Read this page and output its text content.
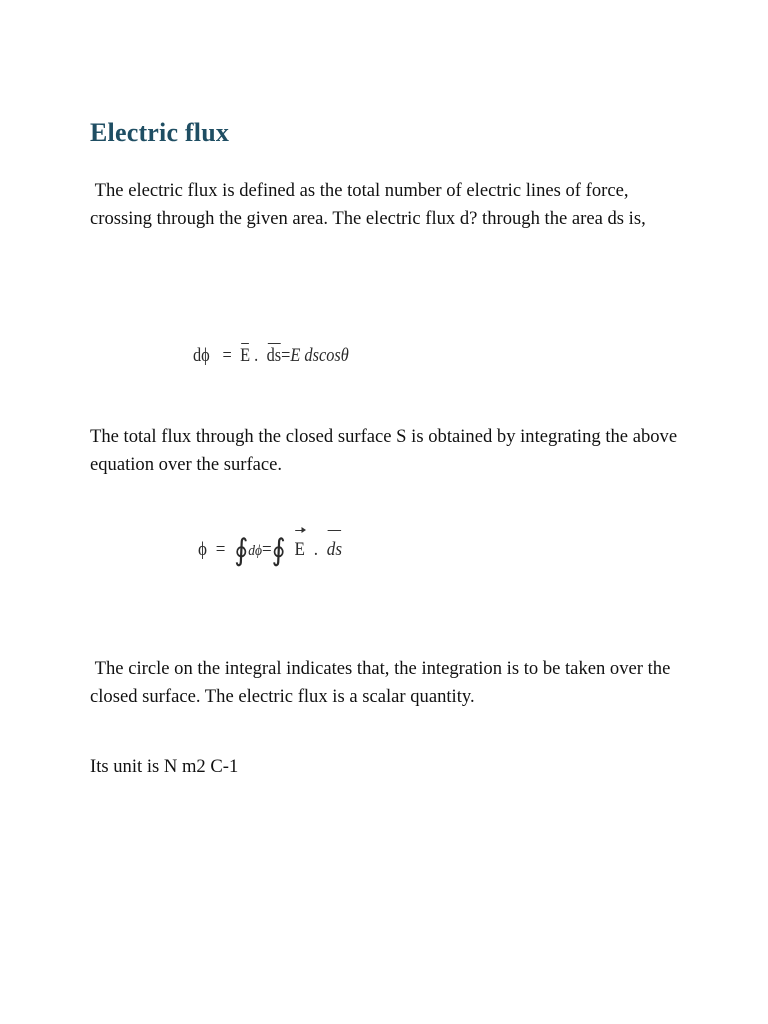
Electric flux

The electric flux is defined as the total number of electric lines of force, crossing through the given area. The electric flux d? through the area ds is,

dϕ = E . ds=E dscosθ

The total flux through the closed surface S is obtained by integrating the above equation over the surface.

ϕ = ∮dϕ=∮ E . ds

The circle on the integral indicates that, the integration is to be taken over the closed surface. The electric flux is a scalar quantity.

Its unit is N m2 C-1
